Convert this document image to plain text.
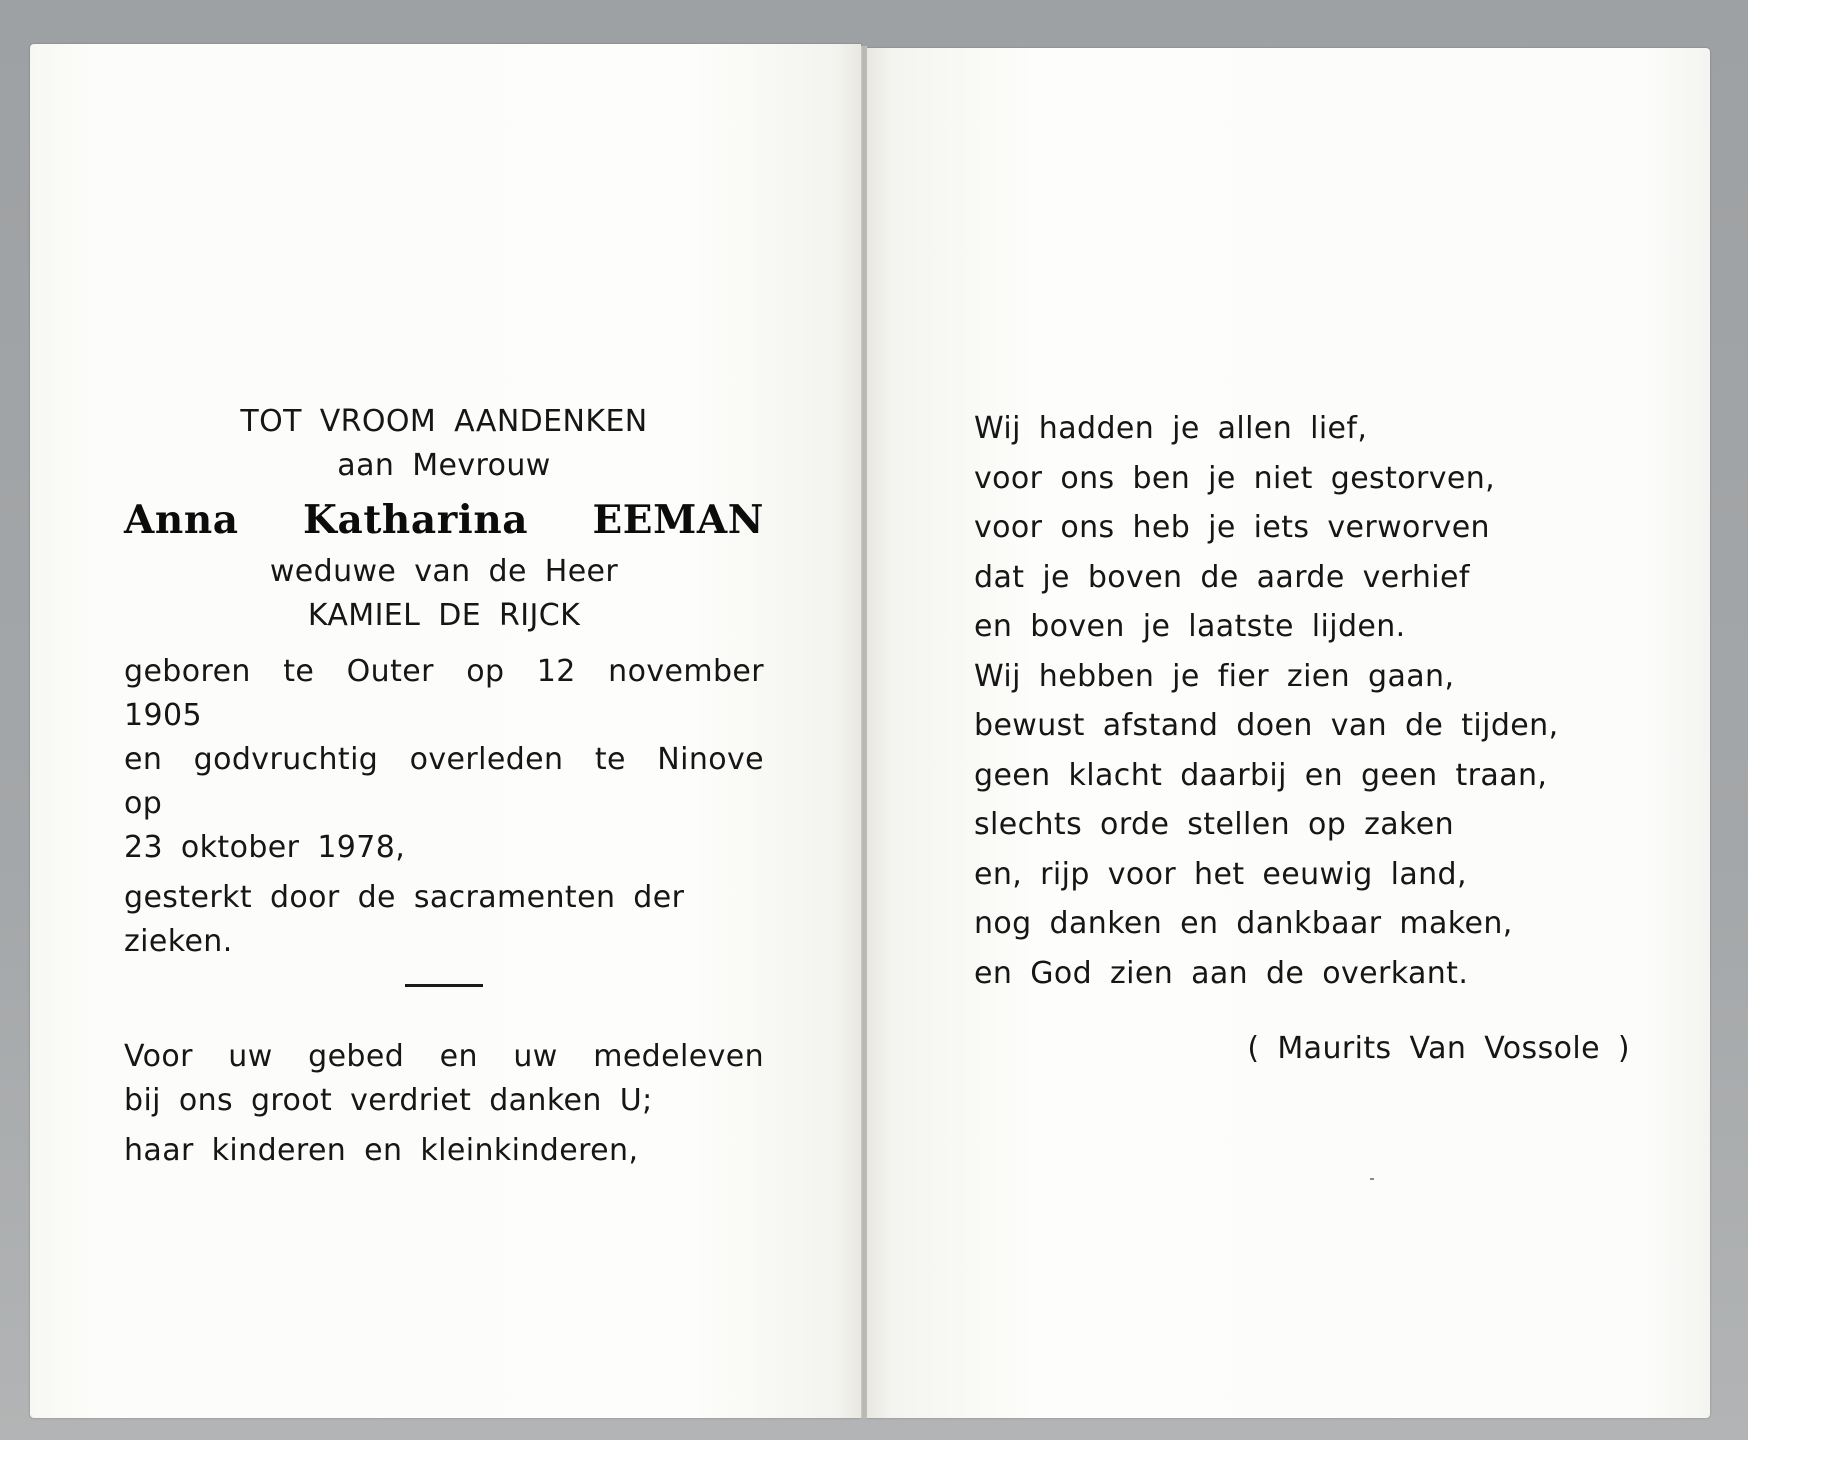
TOT VROOM AANDENKEN
aan Mevrouw
Anna Katharina EEMAN
weduwe van de Heer
KAMIEL DE RIJCK
geboren te Outer op 12 november 1905
en godvruchtig overleden te Ninove op
23 oktober 1978,
gesterkt door de sacramenten der zieken.
Voor uw gebed en uw medeleven
bij ons groot verdriet danken U;
haar kinderen en kleinkinderen,
Wij hadden je allen lief,
voor ons ben je niet gestorven,
voor ons heb je iets verworven
dat je boven de aarde verhief
en boven je laatste lijden.
Wij hebben je fier zien gaan,
bewust afstand doen van de tijden,
geen klacht daarbij en geen traan,
slechts orde stellen op zaken
en, rijp voor het eeuwig land,
nog danken en dankbaar maken,
en God zien aan de overkant.
( Maurits Van Vossole )
